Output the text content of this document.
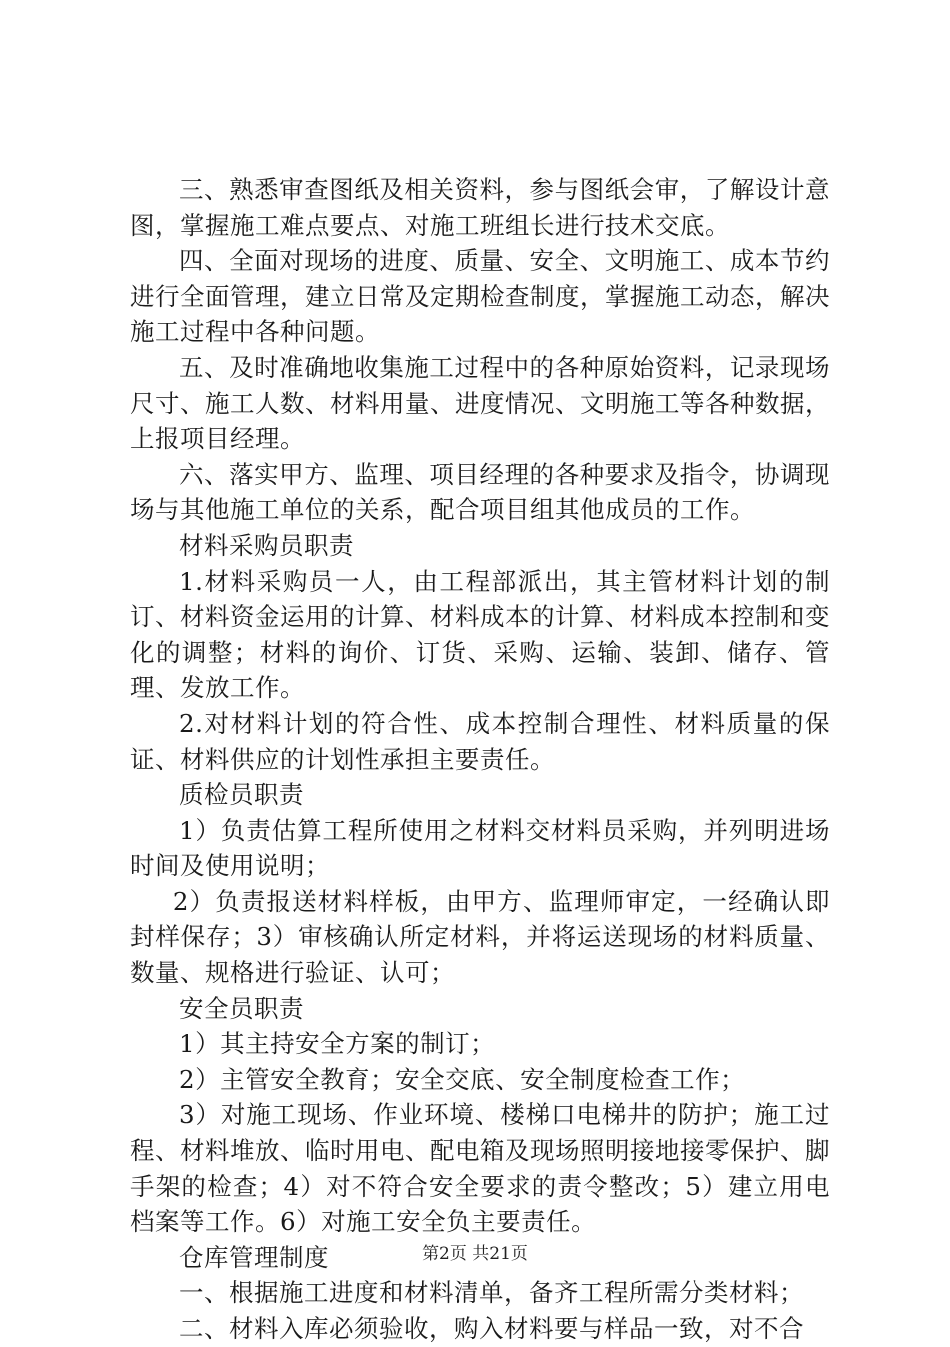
三、熟悉审查图纸及相关资料，参与图纸会审，了解设计意图，掌握施工难点要点、对施工班组长进行技术交底。

四、全面对现场的进度、质量、安全、文明施工、成本节约进行全面管理，建立日常及定期检查制度，掌握施工动态，解决施工过程中各种问题。

五、及时准确地收集施工过程中的各种原始资料，记录现场尺寸、施工人数、材料用量、进度情况、文明施工等各种数据，上报项目经理。

六、落实甲方、监理、项目经理的各种要求及指令，协调现场与其他施工单位的关系，配合项目组其他成员的工作。

材料采购员职责

1.材料采购员一人，由工程部派出，其主管材料计划的制订、材料资金运用的计算、材料成本的计算、材料成本控制和变化的调整；材料的询价、订货、采购、运输、装卸、储存、管理、发放工作。

2.对材料计划的符合性、成本控制合理性、材料质量的保证、材料供应的计划性承担主要责任。

质检员职责

1）负责估算工程所使用之材料交材料员采购，并列明进场时间及使用说明；

2）负责报送材料样板，由甲方、监理师审定，一经确认即封样保存；3）审核确认所定材料，并将运送现场的材料质量、数量、规格进行验证、认可；

安全员职责

1）其主持安全方案的制订；

2）主管安全教育；安全交底、安全制度检查工作；

3）对施工现场、作业环境、楼梯口电梯井的防护；施工过程、材料堆放、临时用电、配电箱及现场照明接地接零保护、脚手架的检查；4）对不符合安全要求的责令整改；5）建立用电档案等工作。6）对施工安全负主要责任。

仓库管理制度

一、根据施工进度和材料清单，备齐工程所需分类材料；

二、材料入库必须验收，购入材料要与样品一致，对不合

第2页 共21页
